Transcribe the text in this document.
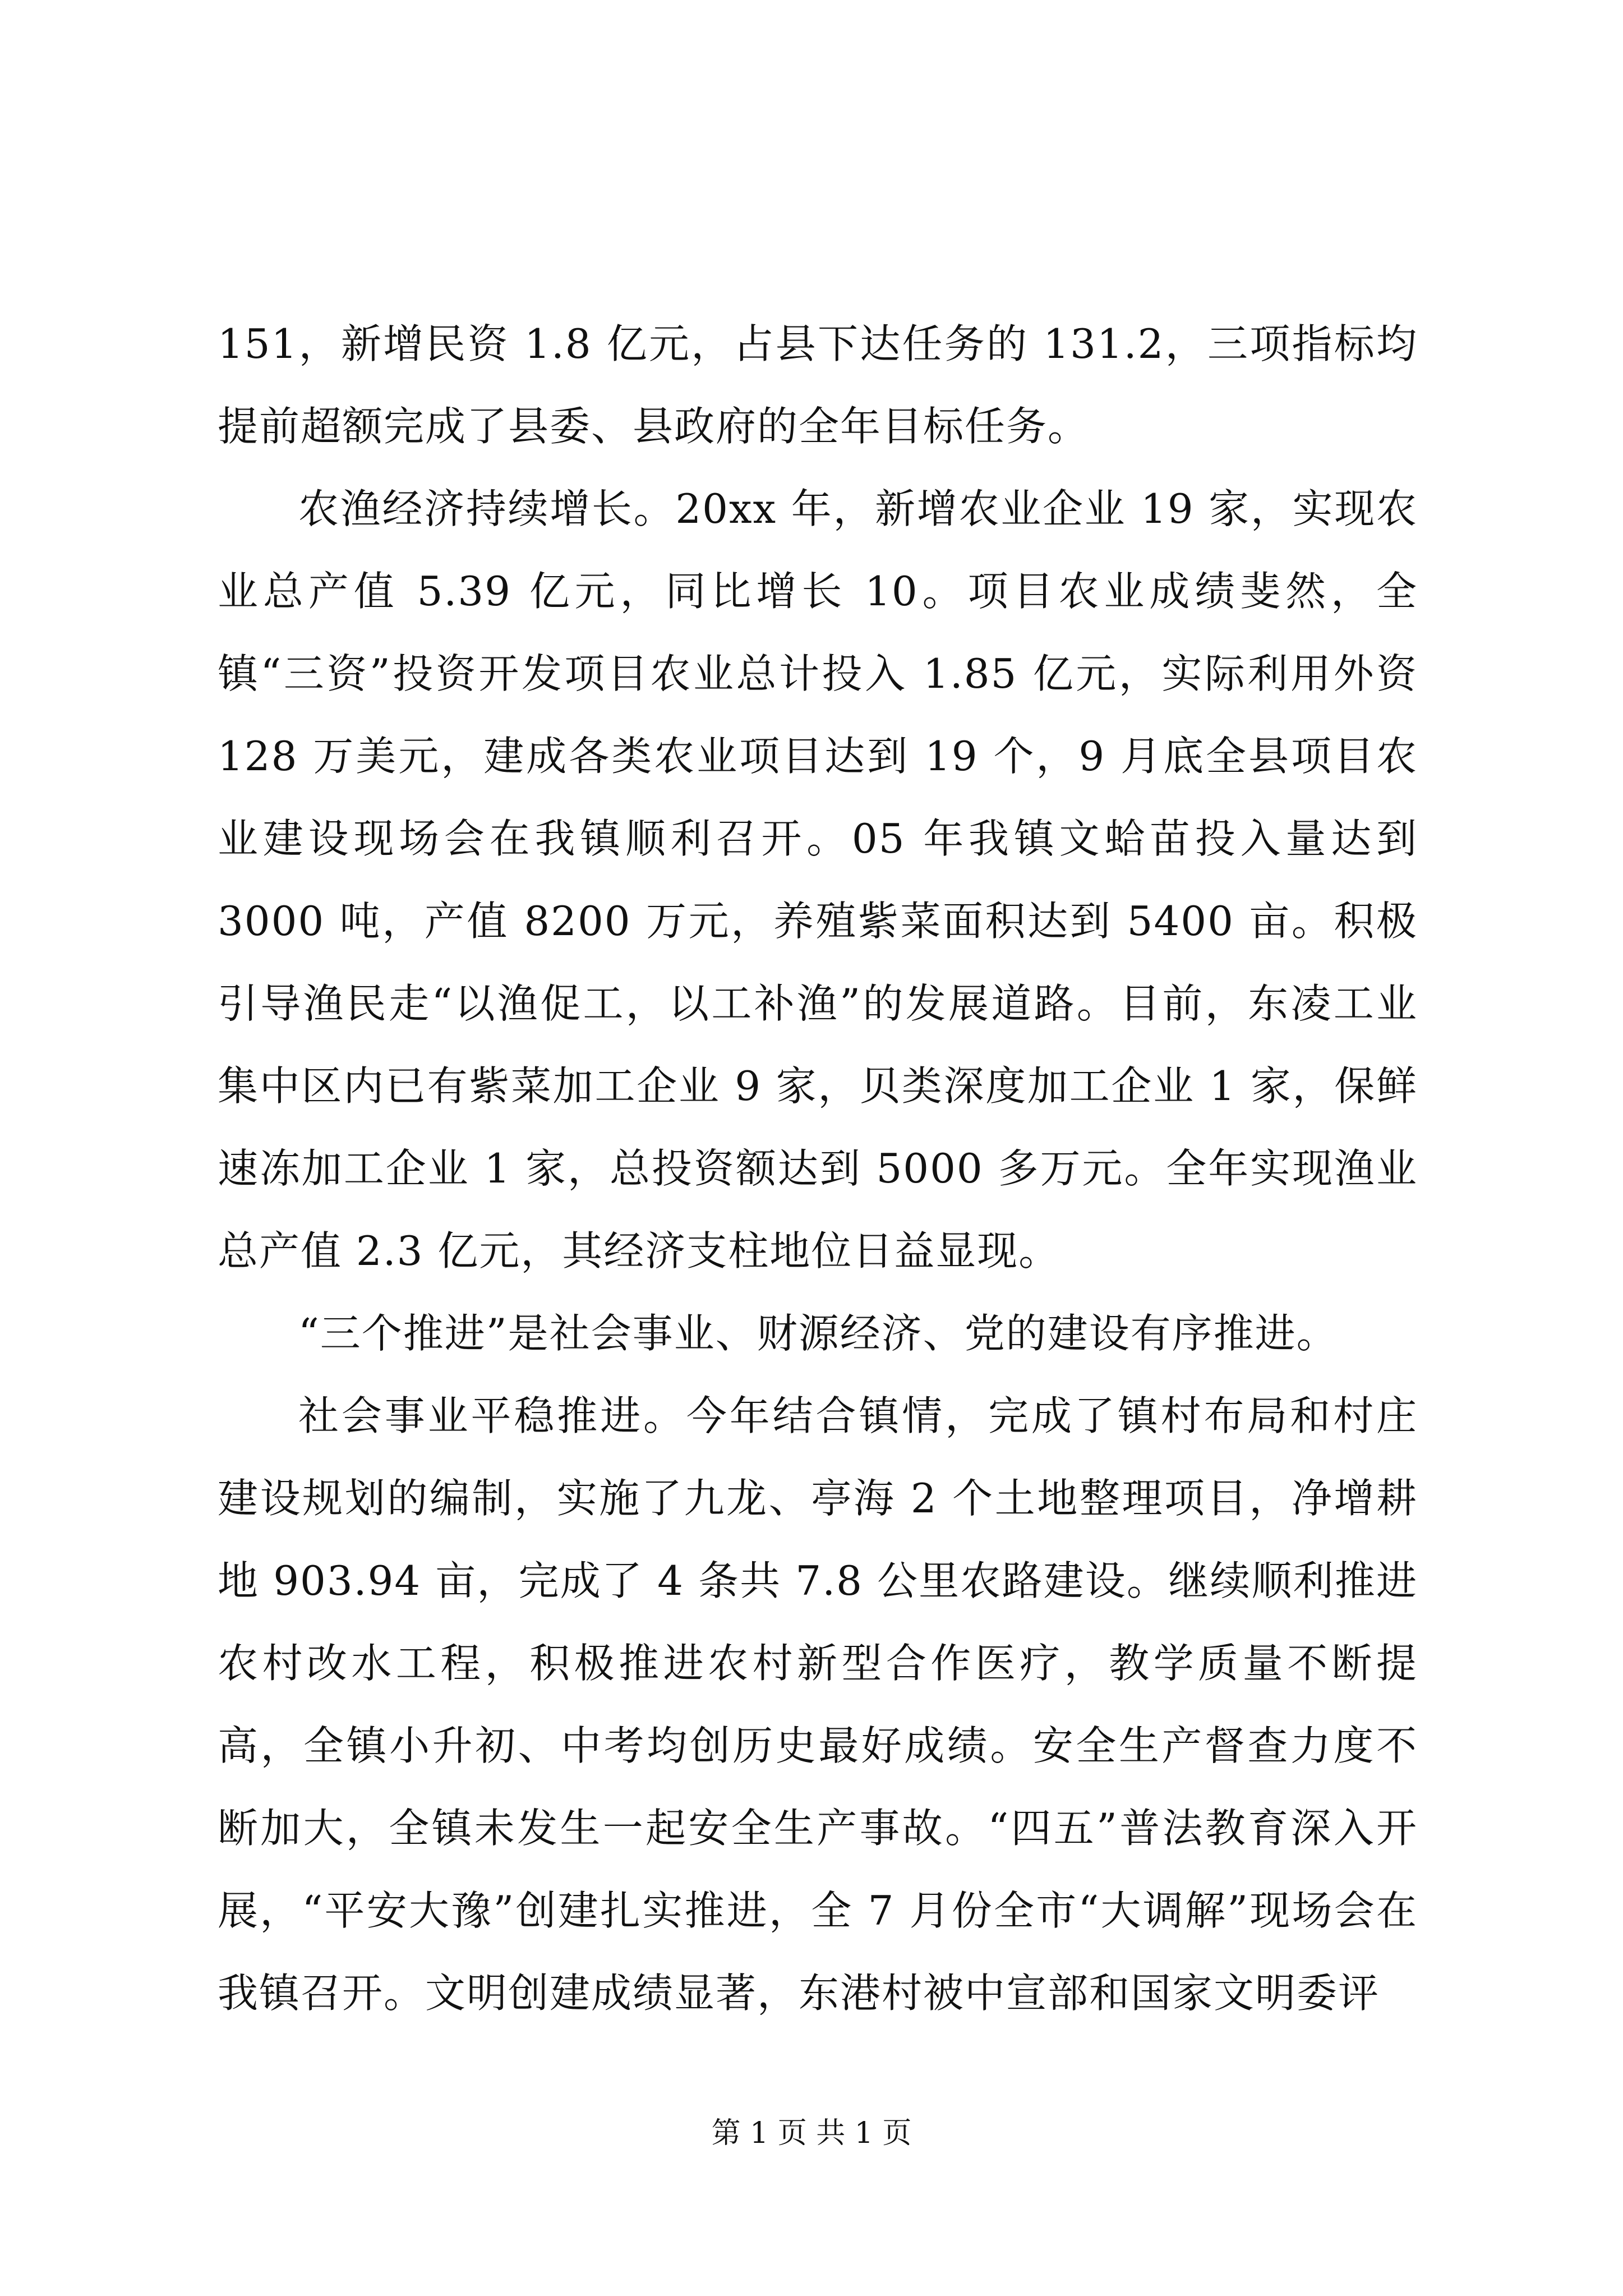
151，新增民资 1.8 亿元，占县下达任务的 131.2，三项指标均提前超额完成了县委、县政府的全年目标任务。

农渔经济持续增长。20xx 年，新增农业企业 19 家，实现农业总产值 5.39 亿元，同比增长 10。项目农业成绩斐然，全镇“三资”投资开发项目农业总计投入 1.85 亿元，实际利用外资 128 万美元，建成各类农业项目达到 19 个，9 月底全县项目农业建设现场会在我镇顺利召开。05 年我镇文蛤苗投入量达到 3000 吨，产值 8200 万元，养殖紫菜面积达到 5400 亩。积极引导渔民走“以渔促工，以工补渔”的发展道路。目前，东凌工业集中区内已有紫菜加工企业 9 家，贝类深度加工企业 1 家，保鲜速冻加工企业 1 家，总投资额达到 5000 多万元。全年实现渔业总产值 2.3 亿元，其经济支柱地位日益显现。

“三个推进”是社会事业、财源经济、党的建设有序推进。

社会事业平稳推进。今年结合镇情，完成了镇村布局和村庄建设规划的编制，实施了九龙、亭海 2 个土地整理项目，净增耕地 903.94 亩，完成了 4 条共 7.8 公里农路建设。继续顺利推进农村改水工程，积极推进农村新型合作医疗，教学质量不断提高，全镇小升初、中考均创历史最好成绩。安全生产督查力度不断加大，全镇未发生一起安全生产事故。“四五”普法教育深入开展，“平安大豫”创建扎实推进，全 7 月份全市“大调解”现场会在我镇召开。文明创建成绩显著，东港村被中宣部和国家文明委评

第 1 页 共 1 页
